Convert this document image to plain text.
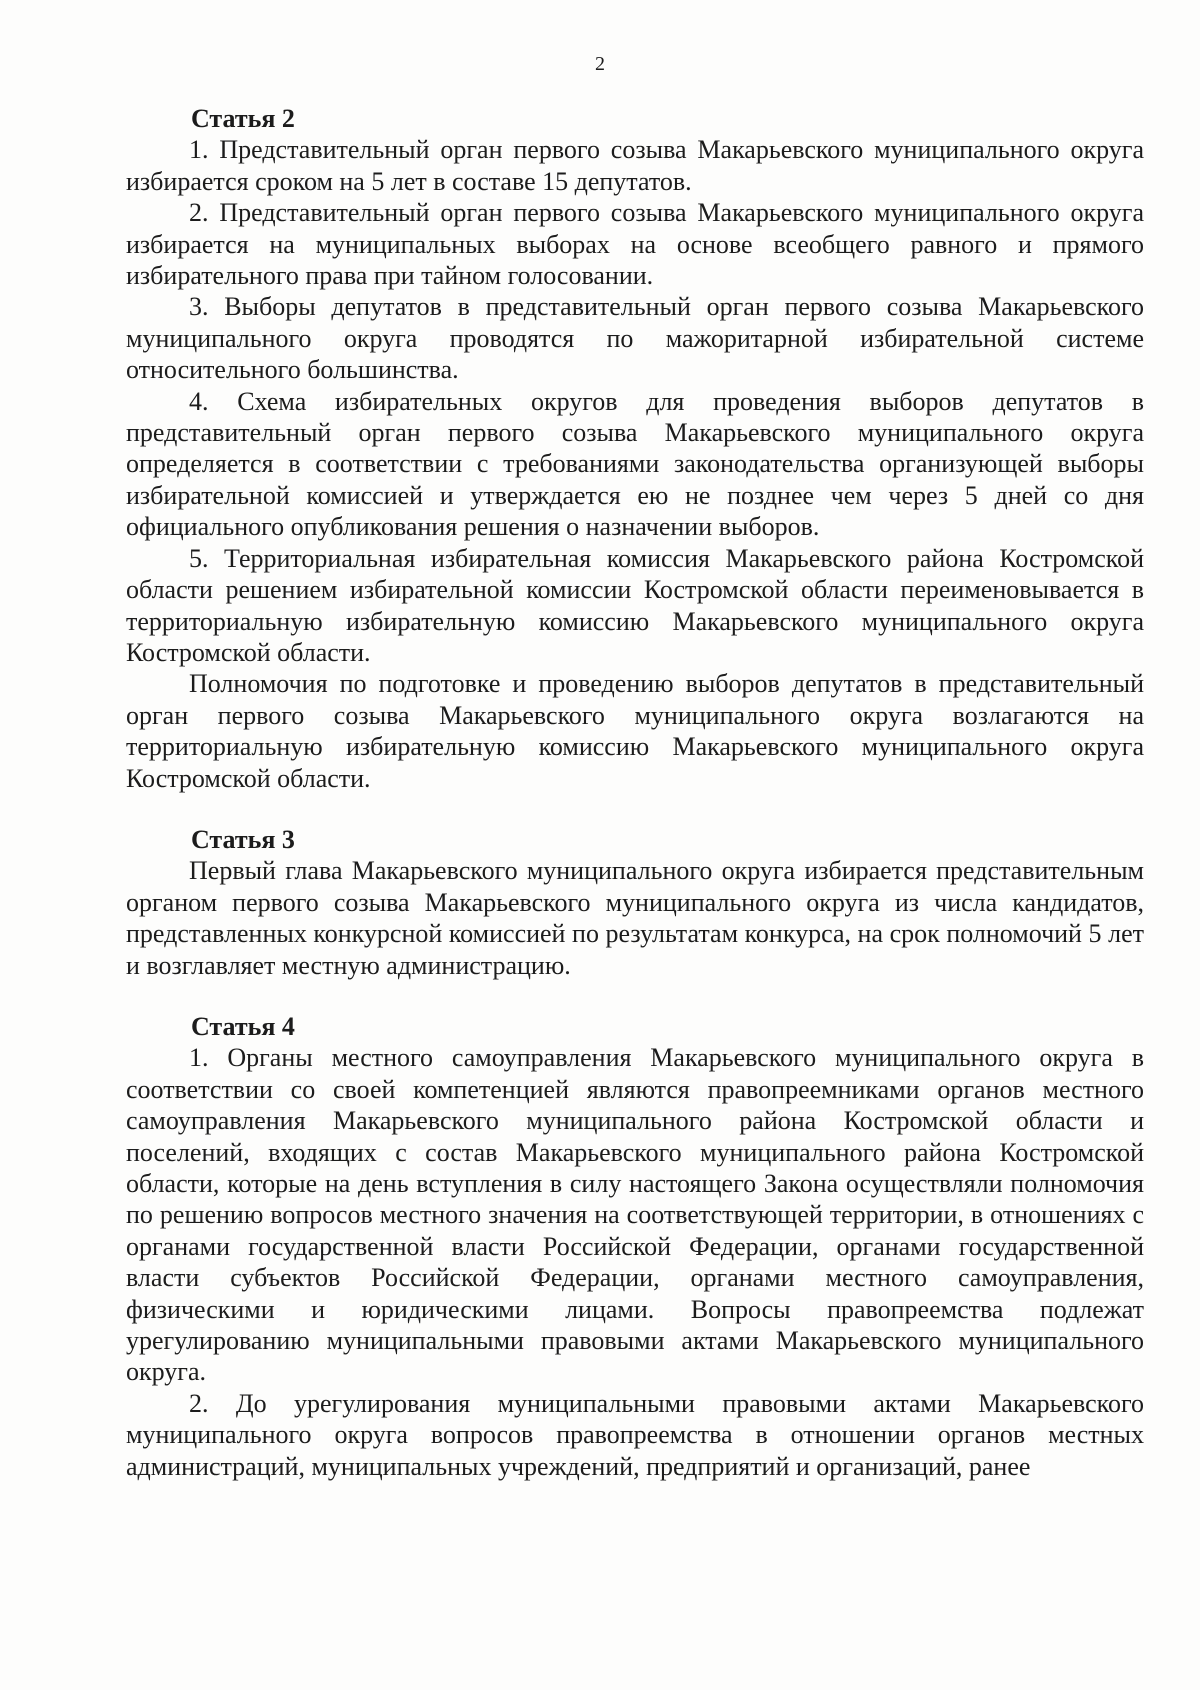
2
Статья 2

1. Представительный орган первого созыва Макарьевского муниципального округа избирается сроком на 5 лет в составе 15 депутатов.

2. Представительный орган первого созыва Макарьевского муниципального округа избирается на муниципальных выборах на основе всеобщего равного и прямого избирательного права при тайном голосовании.

3. Выборы депутатов в представительный орган первого созыва Макарьевского муниципального округа проводятся по мажоритарной избирательной системе относительного большинства.

4. Схема избирательных округов для проведения выборов депутатов в представительный орган первого созыва Макарьевского муниципального округа определяется в соответствии с требованиями законодательства организующей выборы избирательной комиссией и утверждается ею не позднее чем через 5 дней со дня официального опубликования решения о назначении выборов.

5. Территориальная избирательная комиссия Макарьевского района Костромской области решением избирательной комиссии Костромской области переименовывается в территориальную избирательную комиссию Макарьевского муниципального округа Костромской области.

Полномочия по подготовке и проведению выборов депутатов в представительный орган первого созыва Макарьевского муниципального округа возлагаются на территориальную избирательную комиссию Макарьевского муниципального округа Костромской области.

Статья 3

Первый глава Макарьевского муниципального округа избирается представительным органом первого созыва Макарьевского муниципального округа из числа кандидатов, представленных конкурсной комиссией по результатам конкурса, на срок полномочий 5 лет и возглавляет местную администрацию.

Статья 4

1. Органы местного самоуправления Макарьевского муниципального округа в соответствии со своей компетенцией являются правопреемниками органов местного самоуправления Макарьевского муниципального района Костромской области и поселений, входящих с состав Макарьевского муниципального района Костромской области, которые на день вступления в силу настоящего Закона осуществляли полномочия по решению вопросов местного значения на соответствующей территории, в отношениях с органами государственной власти Российской Федерации, органами государственной власти субъектов Российской Федерации, органами местного самоуправления, физическими и юридическими лицами. Вопросы правопреемства подлежат урегулированию муниципальными правовыми актами Макарьевского муниципального округа.

2. До урегулирования муниципальными правовыми актами Макарьевского муниципального округа вопросов правопреемства в отношении органов местных администраций, муниципальных учреждений, предприятий и организаций, ранее
